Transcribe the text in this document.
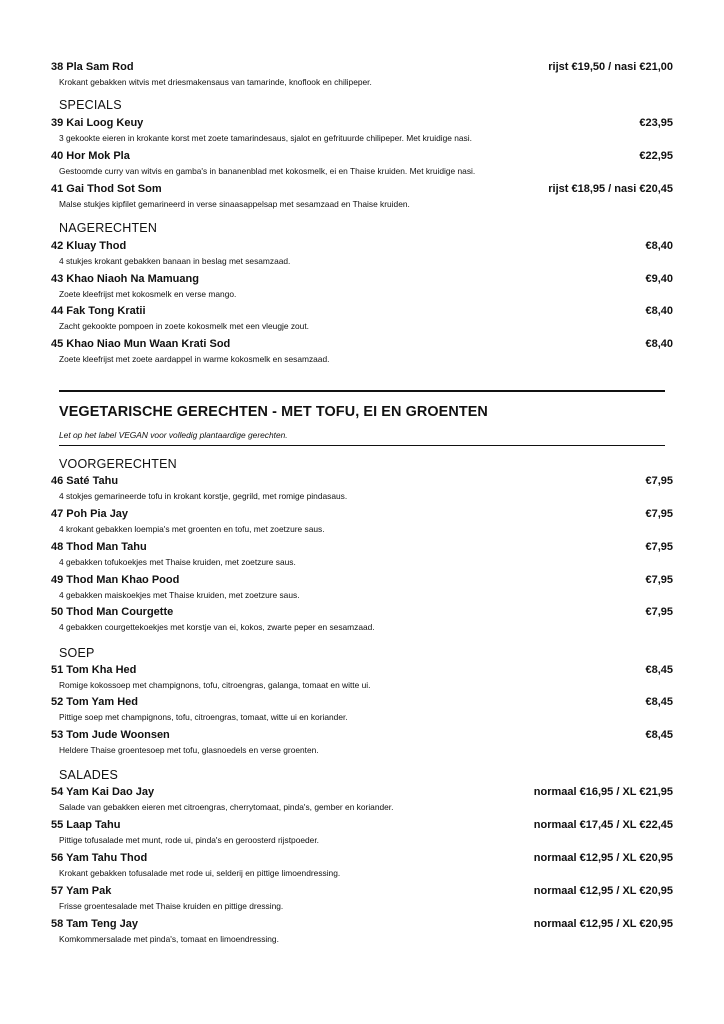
38 Pla Sam Rod	rijst €19,50 / nasi €21,00
Krokant gebakken witvis met driesmakensaus van tamarinde, knoflook en chilipeper.
SPECIALS
39 Kai Loog Keuy	€23,95
3 gekookte eieren in krokante korst met zoete tamarindesaus, sjalot en gefrituurde chilipeper. Met kruidige nasi.
40 Hor Mok Pla	€22,95
Gestoomde curry van witvis en gamba's in bananenblad met kokosmelk, ei en Thaise kruiden. Met kruidige nasi.
41 Gai Thod Sot Som	rijst €18,95 / nasi €20,45
Malse stukjes kipfilet gemarineerd in verse sinaasappelsap met sesamzaad en Thaise kruiden.
NAGERECHTEN
42 Kluay Thod	€8,40
4 stukjes krokant gebakken banaan in beslag met sesamzaad.
43 Khao Niaoh Na Mamuang	€9,40
Zoete kleefrijst met kokosmelk en verse mango.
44 Fak Tong Kratii	€8,40
Zacht gekookte pompoen in zoete kokosmelk met een vleugje zout.
45 Khao Niao Mun Waan Krati Sod	€8,40
Zoete kleefrijst met zoete aardappel in warme kokosmelk en sesamzaad.
VEGETARISCHE GERECHTEN - MET TOFU, EI EN GROENTEN
Let op het label VEGAN voor volledig plantaardige gerechten.
VOORGERECHTEN
46 Saté Tahu	€7,95
4 stokjes gemarineerde tofu in krokant korstje, gegrild, met romige pindasaus.
47 Poh Pia Jay	€7,95
4 krokant gebakken loempia's met groenten en tofu, met zoetzure saus.
48 Thod Man Tahu	€7,95
4 gebakken tofukoekjes met Thaise kruiden, met zoetzure saus.
49 Thod Man Khao Pood	€7,95
4 gebakken maiskoekjes met Thaise kruiden, met zoetzure saus.
50 Thod Man Courgette	€7,95
4 gebakken courgettekoekjes met korstje van ei, kokos, zwarte peper en sesamzaad.
SOEP
51 Tom Kha Hed	€8,45
Romige kokossoep met champignons, tofu, citroengras, galanga, tomaat en witte ui.
52 Tom Yam Hed	€8,45
Pittige soep met champignons, tofu, citroengras, tomaat, witte ui en koriander.
53 Tom Jude Woonsen	€8,45
Heldere Thaise groentesoep met tofu, glasnoedels en verse groenten.
SALADES
54 Yam Kai Dao Jay	normaal €16,95 / XL €21,95
Salade van gebakken eieren met citroengras, cherrytomaat, pinda's, gember en koriander.
55 Laap Tahu	normaal €17,45 / XL €22,45
Pittige tofusalade met munt, rode ui, pinda's en geroosterd rijstpoeder.
56 Yam Tahu Thod	normaal €12,95 / XL €20,95
Krokant gebakken tofusalade met rode ui, selderij en pittige limoendressing.
57 Yam Pak	normaal €12,95 / XL €20,95
Frisse groentesalade met Thaise kruiden en pittige dressing.
58 Tam Teng Jay	normaal €12,95 / XL €20,95
Komkommersalade met pinda's, tomaat en limoendressing.
